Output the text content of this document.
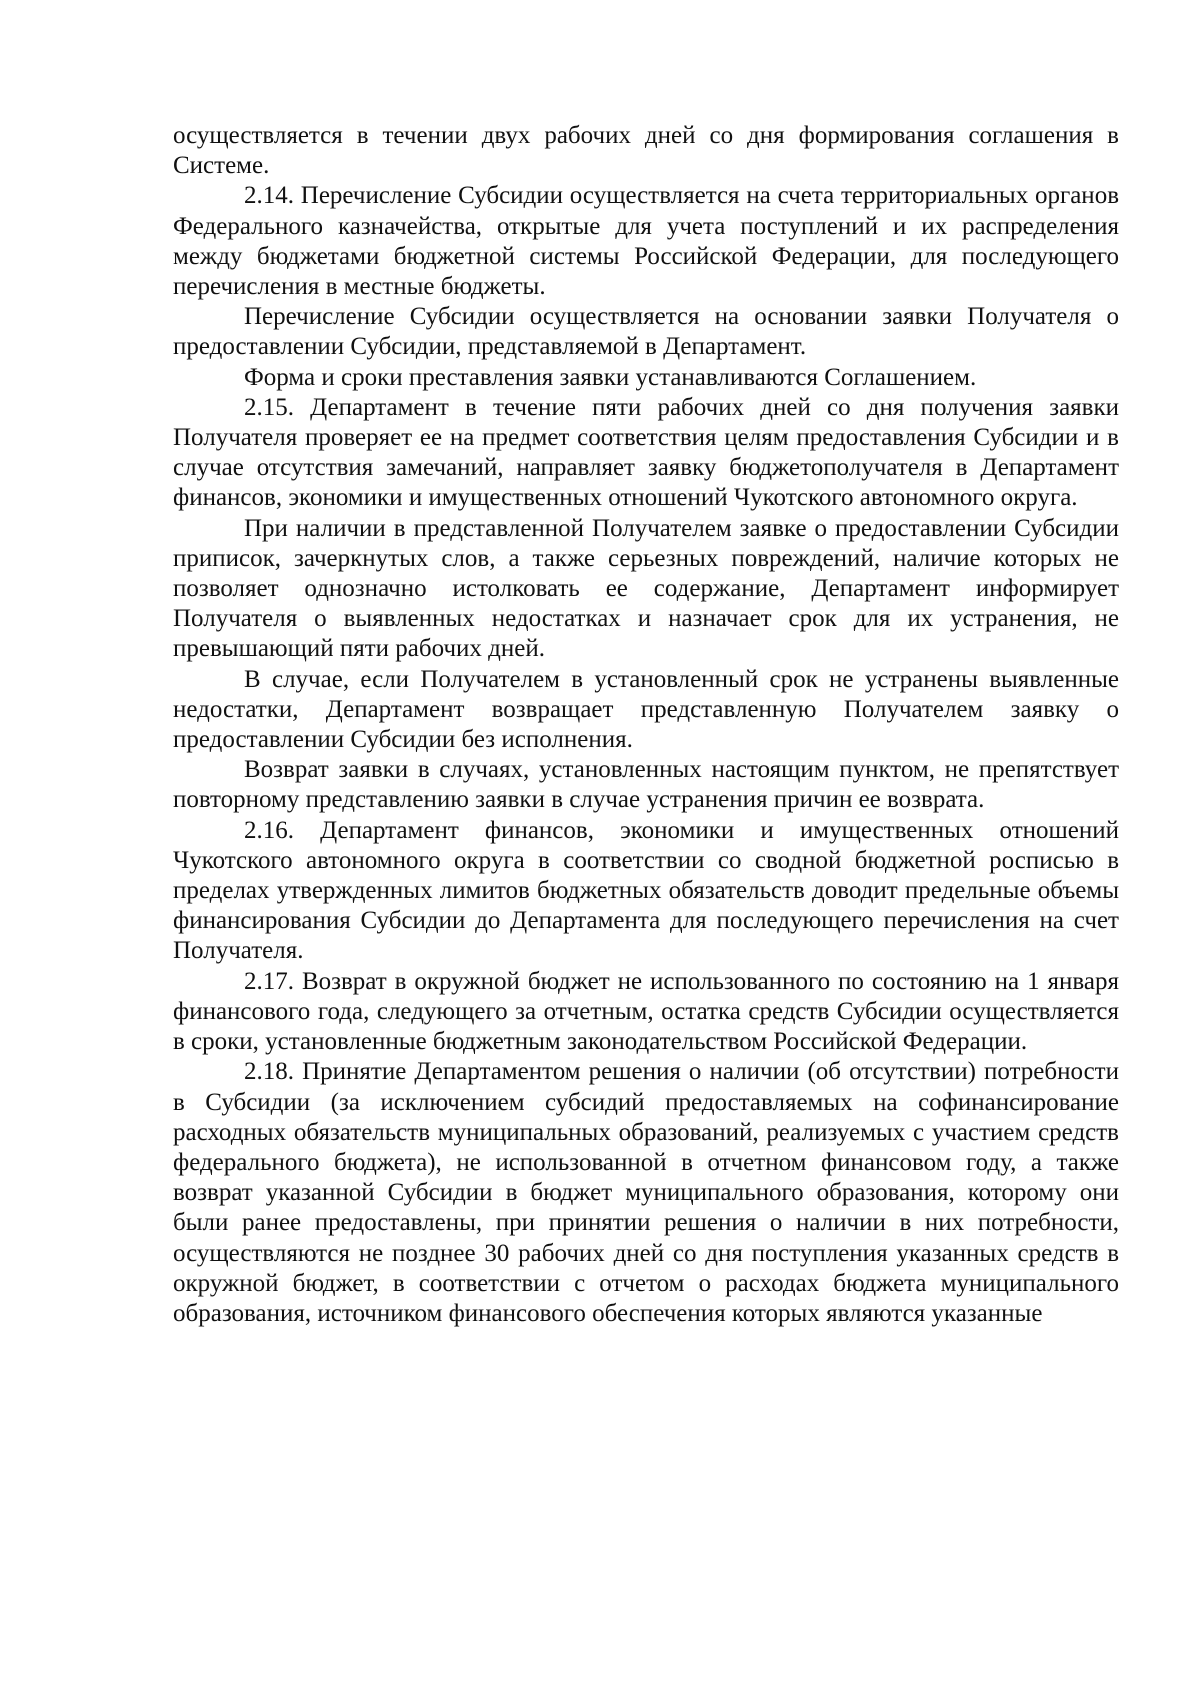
осуществляется в течении двух рабочих дней со дня формирования соглашения в Системе.

2.14. Перечисление Субсидии осуществляется на счета территориальных органов Федерального казначейства, открытые для учета поступлений и их распределения между бюджетами бюджетной системы Российской Федерации, для последующего перечисления в местные бюджеты.

Перечисление Субсидии осуществляется на основании заявки Получателя о предоставлении Субсидии, представляемой в Департамент.

Форма и сроки преставления заявки устанавливаются Соглашением.

2.15. Департамент в течение пяти рабочих дней со дня получения заявки Получателя проверяет ее на предмет соответствия целям предоставления Субсидии и в случае отсутствия замечаний, направляет заявку бюджетополучателя в Департамент финансов, экономики и имущественных отношений Чукотского автономного округа.

При наличии в представленной Получателем заявке о предоставлении Субсидии приписок, зачеркнутых слов, а также серьезных повреждений, наличие которых не позволяет однозначно истолковать ее содержание, Департамент информирует Получателя о выявленных недостатках и назначает срок для их устранения, не превышающий пяти рабочих дней.

В случае, если Получателем в установленный срок не устранены выявленные недостатки, Департамент возвращает представленную Получателем заявку о предоставлении Субсидии без исполнения.

Возврат заявки в случаях, установленных настоящим пунктом, не препятствует повторному представлению заявки в случае устранения причин ее возврата.

2.16. Департамент финансов, экономики и имущественных отношений Чукотского автономного округа в соответствии со сводной бюджетной росписью в пределах утвержденных лимитов бюджетных обязательств доводит предельные объемы финансирования Субсидии до Департамента для последующего перечисления на счет Получателя.

2.17. Возврат в окружной бюджет не использованного по состоянию на 1 января финансового года, следующего за отчетным, остатка средств Субсидии осуществляется в сроки, установленные бюджетным законодательством Российской Федерации.

2.18. Принятие Департаментом решения о наличии (об отсутствии) потребности в Субсидии (за исключением субсидий предоставляемых на софинансирование расходных обязательств муниципальных образований, реализуемых с участием средств федерального бюджета), не использованной в отчетном финансовом году, а также возврат указанной Субсидии в бюджет муниципального образования, которому они были ранее предоставлены, при принятии решения о наличии в них потребности, осуществляются не позднее 30 рабочих дней со дня поступления указанных средств в окружной бюджет, в соответствии с отчетом о расходах бюджета муниципального образования, источником финансового обеспечения которых являются указанные
